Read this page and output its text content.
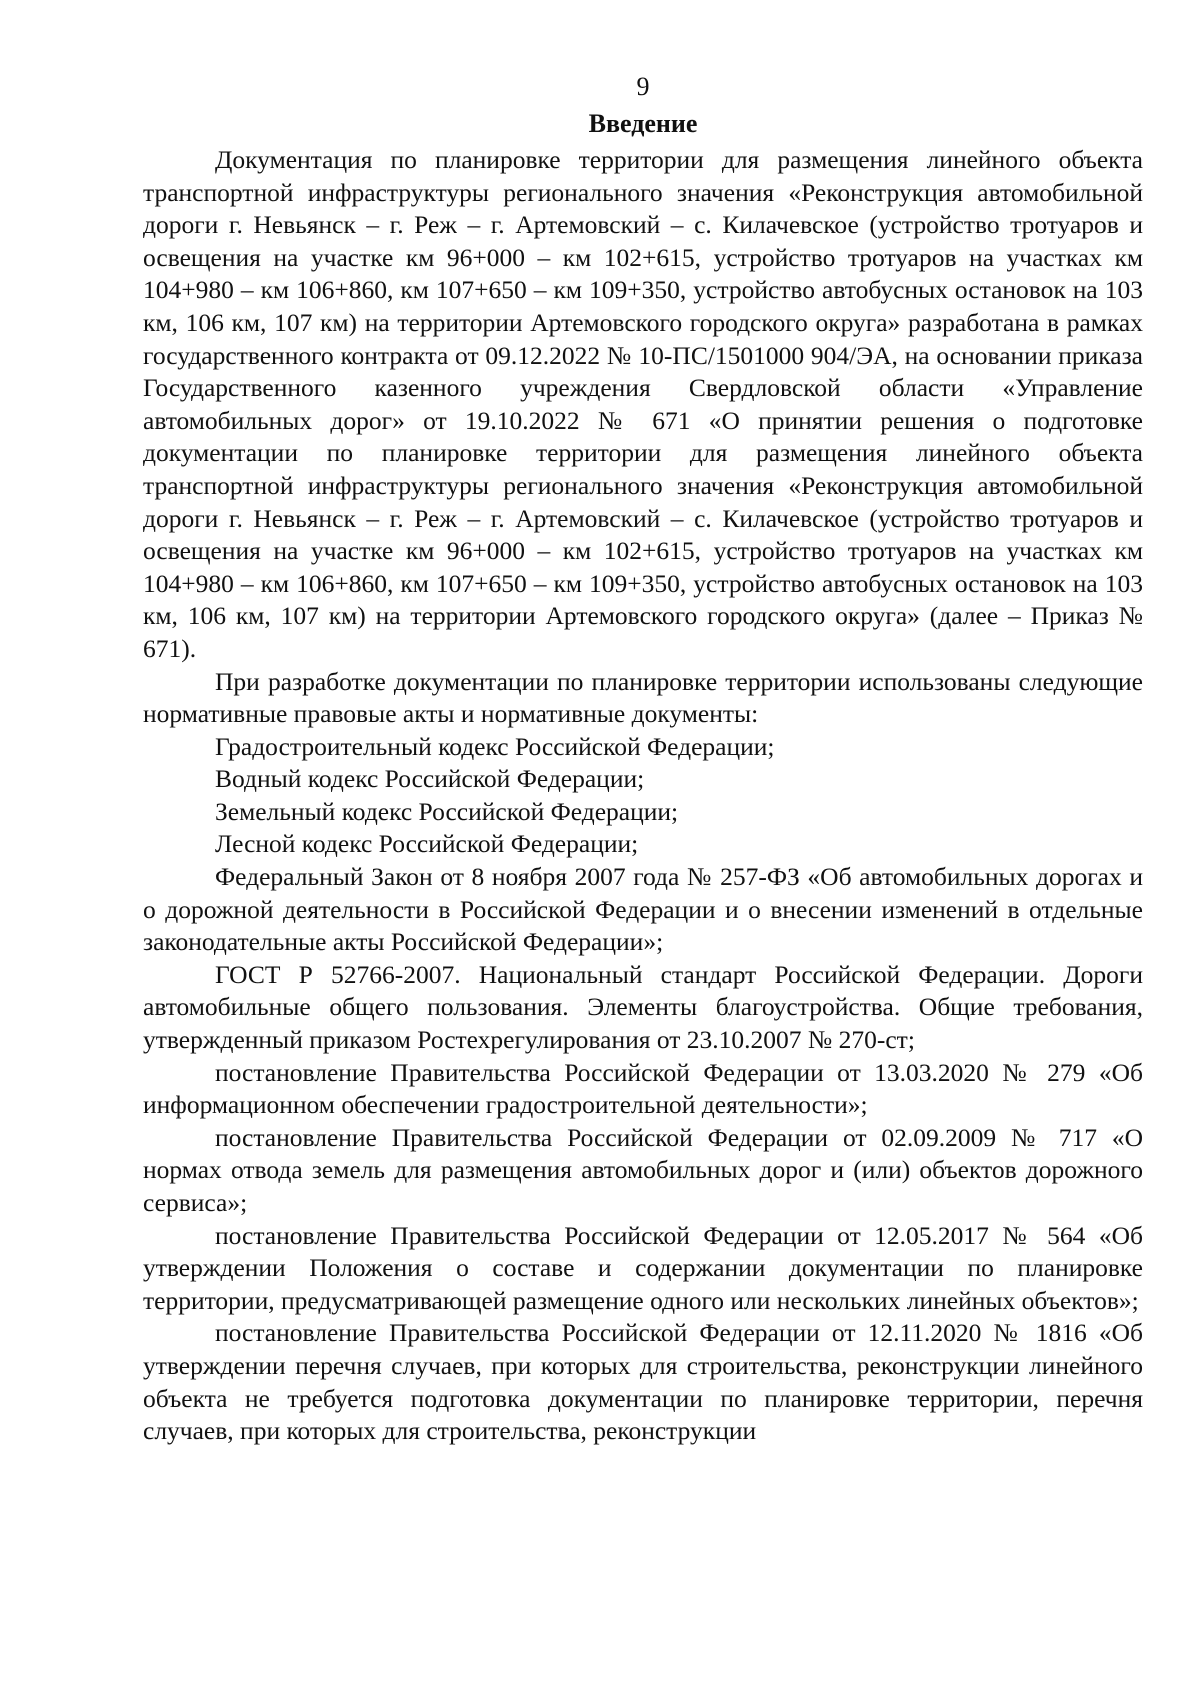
9
Введение

Документация по планировке территории для размещения линейного объекта транспортной инфраструктуры регионального значения «Реконструкция автомобильной дороги г. Невьянск – г. Реж – г. Артемовский – с. Килачевское (устройство тротуаров и освещения на участке км 96+000 – км 102+615, устройство тротуаров на участках км 104+980 – км 106+860, км 107+650 – км 109+350, устройство автобусных остановок на 103 км, 106 км, 107 км) на территории Артемовского городского округа» разработана в рамках государственного контракта от 09.12.2022 № 10-ПС/1501000 904/ЭА, на основании приказа Государственного казенного учреждения Свердловской области «Управление автомобильных дорог» от 19.10.2022 № 671 «О принятии решения о подготовке документации по планировке территории для размещения линейного объекта транспортной инфраструктуры регионального значения «Реконструкция автомобильной дороги г. Невьянск – г. Реж – г. Артемовский – с. Килачевское (устройство тротуаров и освещения на участке км 96+000 – км 102+615, устройство тротуаров на участках км 104+980 – км 106+860, км 107+650 – км 109+350, устройство автобусных остановок на 103 км, 106 км, 107 км) на территории Артемовского городского округа» (далее – Приказ № 671).

При разработке документации по планировке территории использованы следующие нормативные правовые акты и нормативные документы:

Градостроительный кодекс Российской Федерации;

Водный кодекс Российской Федерации;

Земельный кодекс Российской Федерации;

Лесной кодекс Российской Федерации;

Федеральный Закон от 8 ноября 2007 года № 257-ФЗ «Об автомобильных дорогах и о дорожной деятельности в Российской Федерации и о внесении изменений в отдельные законодательные акты Российской Федерации»;

ГОСТ Р 52766-2007. Национальный стандарт Российской Федерации. Дороги автомобильные общего пользования. Элементы благоустройства. Общие требования, утвержденный приказом Ростехрегулирования от 23.10.2007 № 270-ст;

постановление Правительства Российской Федерации от 13.03.2020 № 279 «Об информационном обеспечении градостроительной деятельности»;

постановление Правительства Российской Федерации от 02.09.2009 № 717 «О нормах отвода земель для размещения автомобильных дорог и (или) объектов дорожного сервиса»;

постановление Правительства Российской Федерации от 12.05.2017 № 564 «Об утверждении Положения о составе и содержании документации по планировке территории, предусматривающей размещение одного или нескольких линейных объектов»;

постановление Правительства Российской Федерации от 12.11.2020 № 1816 «Об утверждении перечня случаев, при которых для строительства, реконструкции линейного объекта не требуется подготовка документации по планировке территории, перечня случаев, при которых для строительства, реконструкции
